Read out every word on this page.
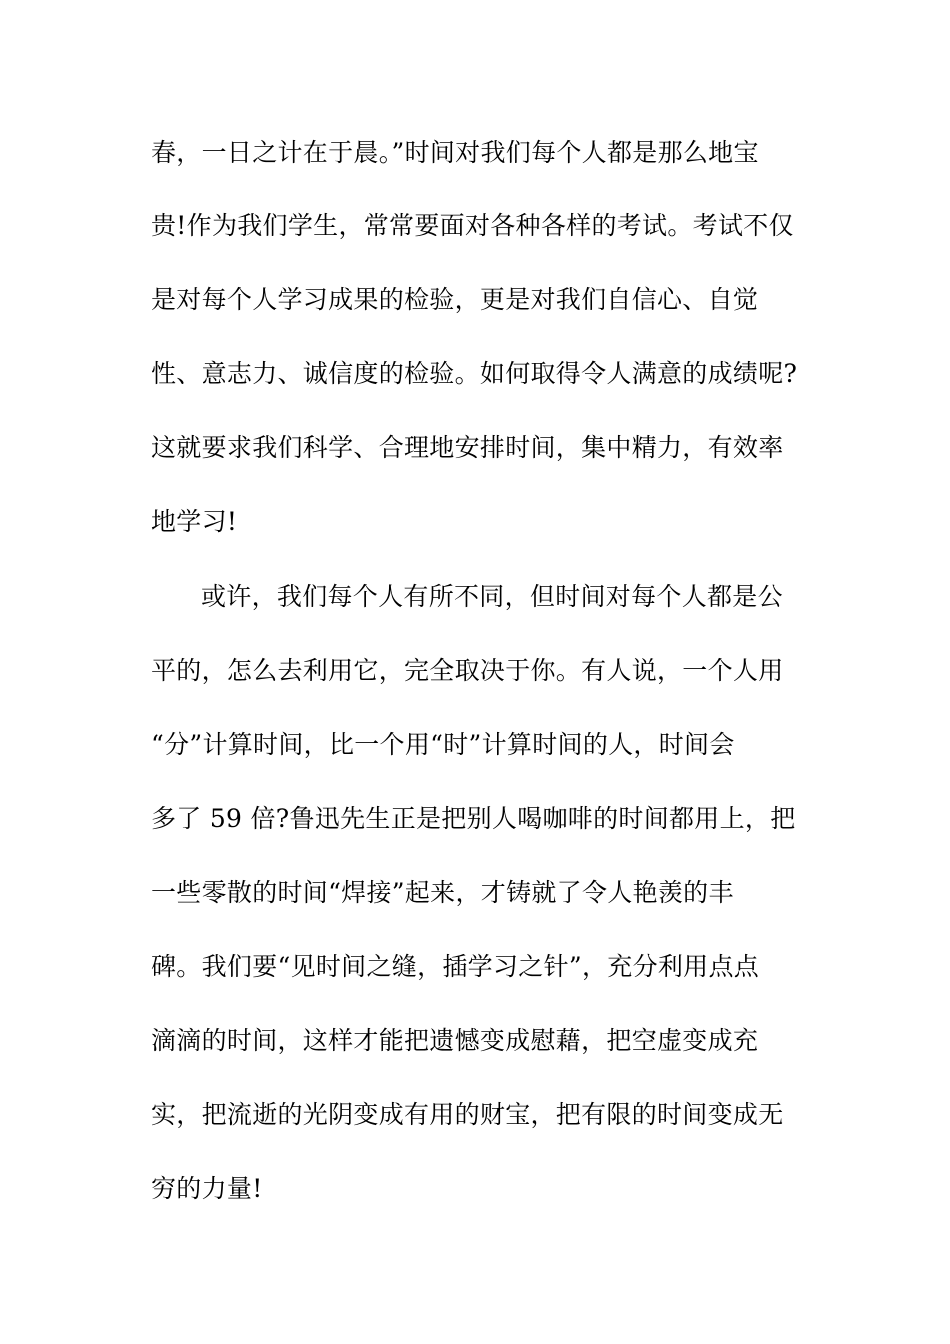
春，一日之计在于晨。”时间对我们每个人都是那么地宝
贵!作为我们学生，常常要面对各种各样的考试。考试不仅
是对每个人学习成果的检验，更是对我们自信心、自觉
性、意志力、诚信度的检验。如何取得令人满意的成绩呢?
这就要求我们科学、合理地安排时间，集中精力，有效率
地学习!
或许，我们每个人有所不同，但时间对每个人都是公
平的，怎么去利用它，完全取决于你。有人说，一个人用
“分”计算时间，比一个用“时”计算时间的人，时间会
多了 59 倍?鲁迅先生正是把别人喝咖啡的时间都用上，把
一些零散的时间“焊接”起来，才铸就了令人艳羡的丰
碑。我们要“见时间之缝，插学习之针”，充分利用点点
滴滴的时间，这样才能把遗憾变成慰藉，把空虚变成充
实，把流逝的光阴变成有用的财宝，把有限的时间变成无
穷的力量!
